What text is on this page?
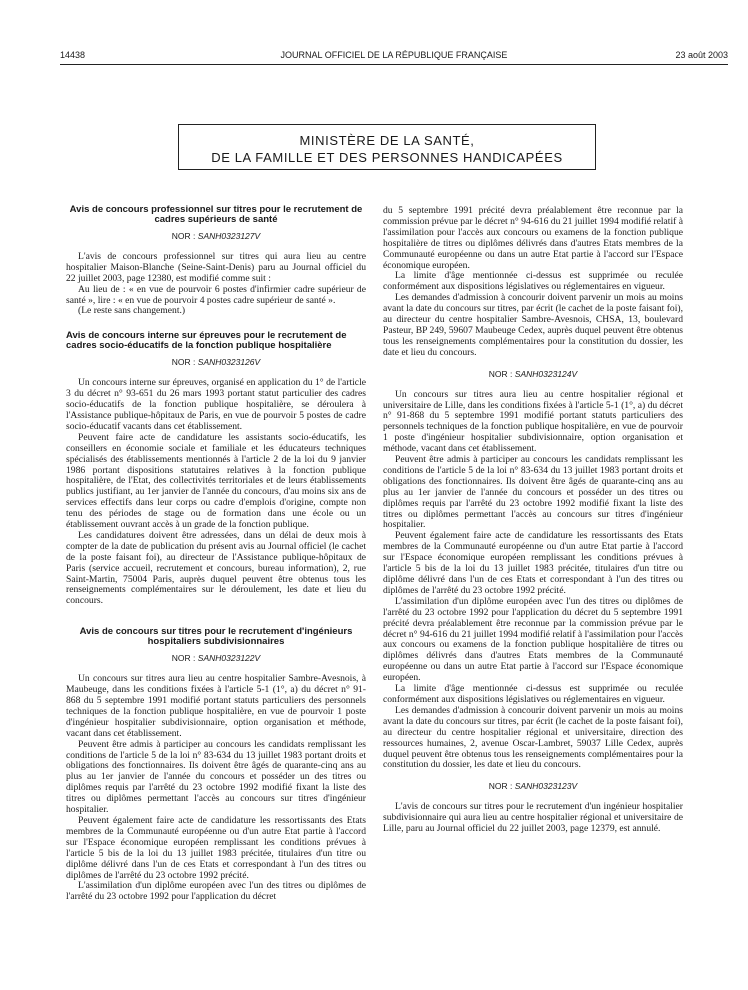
14438	JOURNAL OFFICIEL DE LA RÉPUBLIQUE FRANÇAISE	23 août 2003
MINISTÈRE DE LA SANTÉ,
DE LA FAMILLE ET DES PERSONNES HANDICAPÉES
Avis de concours professionnel sur titres pour le recrutement de cadres supérieurs de santé
NOR : SANH0323127V

L'avis de concours professionnel sur titres qui aura lieu au centre hospitalier Maison-Blanche (Seine-Saint-Denis) paru au Journal officiel du 22 juillet 2003, page 12380, est modifié comme suit :

Au lieu de : « en vue de pourvoir 6 postes d'infirmier cadre supérieur de santé », lire : « en vue de pourvoir 4 postes cadre supérieur de santé ».

(Le reste sans changement.)

Avis de concours interne sur épreuves pour le recrutement de cadres socio-éducatifs de la fonction publique hospitalière
NOR : SANH0323126V

Un concours interne sur épreuves, organisé en application du 1° de l'article 3 du décret n° 93-651 du 26 mars 1993 portant statut particulier des cadres socio-éducatifs de la fonction publique hospitalière, se déroulera à l'Assistance publique-hôpitaux de Paris, en vue de pourvoir 5 postes de cadre socio-éducatif vacants dans cet établissement.

Peuvent faire acte de candidature les assistants socio-éducatifs, les conseillers en économie sociale et familiale et les éducateurs techniques spécialisés des établissements mentionnés à l'article 2 de la loi du 9 janvier 1986 portant dispositions statutaires relatives à la fonction publique hospitalière, de l'Etat, des collectivités territoriales et de leurs établissements publics justifiant, au 1er janvier de l'année du concours, d'au moins six ans de services effectifs dans leur corps ou cadre d'emplois d'origine, compte non tenu des périodes de stage ou de formation dans une école ou un établissement ouvrant accès à un grade de la fonction publique.

Les candidatures doivent être adressées, dans un délai de deux mois à compter de la date de publication du présent avis au Journal officiel (le cachet de la poste faisant foi), au directeur de l'Assistance publique-hôpitaux de Paris (service accueil, recrutement et concours, bureau information), 2, rue Saint-Martin, 75004 Paris, auprès duquel peuvent être obtenus tous les renseignements complémentaires sur le déroulement, les date et lieu du concours.

Avis de concours sur titres pour le recrutement d'ingénieurs hospitaliers subdivisionnaires
NOR : SANH0323122V

Un concours sur titres aura lieu au centre hospitalier Sambre-Avesnois, à Maubeuge, dans les conditions fixées à l'article 5-1 (1°, a) du décret n° 91-868 du 5 septembre 1991 modifié portant statuts particuliers des personnels techniques de la fonction publique hospitalière, en vue de pourvoir 1 poste d'ingénieur hospitalier subdivisionnaire, option organisation et méthode, vacant dans cet établissement.

Peuvent être admis à participer au concours les candidats remplissant les conditions de l'article 5 de la loi n° 83-634 du 13 juillet 1983 portant droits et obligations des fonctionnaires. Ils doivent être âgés de quarante-cinq ans au plus au 1er janvier de l'année du concours et posséder un des titres ou diplômes requis par l'arrêté du 23 octobre 1992 modifié fixant la liste des titres ou diplômes permettant l'accès au concours sur titres d'ingénieur hospitalier.

Peuvent également faire acte de candidature les ressortissants des Etats membres de la Communauté européenne ou d'un autre Etat partie à l'accord sur l'Espace économique européen remplissant les conditions prévues à l'article 5 bis de la loi du 13 juillet 1983 précitée, titulaires d'un titre ou diplôme délivré dans l'un de ces Etats et correspondant à l'un des titres ou diplômes de l'arrêté du 23 octobre 1992 précité.

L'assimilation d'un diplôme européen avec l'un des titres ou diplômes de l'arrêté du 23 octobre 1992 pour l'application du décret

du 5 septembre 1991 précité devra préalablement être reconnue par la commission prévue par le décret n° 94-616 du 21 juillet 1994 modifié relatif à l'assimilation pour l'accès aux concours ou examens de la fonction publique hospitalière de titres ou diplômes délivrés dans d'autres Etats membres de la Communauté européenne ou dans un autre Etat partie à l'accord sur l'Espace économique européen.

La limite d'âge mentionnée ci-dessus est supprimée ou reculée conformément aux dispositions législatives ou réglementaires en vigueur.

Les demandes d'admission à concourir doivent parvenir un mois au moins avant la date du concours sur titres, par écrit (le cachet de la poste faisant foi), au directeur du centre hospitalier Sambre-Avesnois, CHSA, 13, boulevard Pasteur, BP 249, 59607 Maubeuge Cedex, auprès duquel peuvent être obtenus tous les renseignements complémentaires pour la constitution du dossier, les date et lieu du concours.

NOR : SANH0323124V

Un concours sur titres aura lieu au centre hospitalier régional et universitaire de Lille, dans les conditions fixées à l'article 5-1 (1°, a) du décret n° 91-868 du 5 septembre 1991 modifié portant statuts particuliers des personnels techniques de la fonction publique hospitalière, en vue de pourvoir 1 poste d'ingénieur hospitalier subdivisionnaire, option organisation et méthode, vacant dans cet établissement.

Peuvent être admis à participer au concours les candidats remplissant les conditions de l'article 5 de la loi n° 83-634 du 13 juillet 1983 portant droits et obligations des fonctionnaires. Ils doivent être âgés de quarante-cinq ans au plus au 1er janvier de l'année du concours et posséder un des titres ou diplômes requis par l'arrêté du 23 octobre 1992 modifié fixant la liste des titres ou diplômes permettant l'accès au concours sur titres d'ingénieur hospitalier.

Peuvent également faire acte de candidature les ressortissants des Etats membres de la Communauté européenne ou d'un autre Etat partie à l'accord sur l'Espace économique européen remplissant les conditions prévues à l'article 5 bis de la loi du 13 juillet 1983 précitée, titulaires d'un titre ou diplôme délivré dans l'un de ces Etats et correspondant à l'un des titres ou diplômes de l'arrêté du 23 octobre 1992 précité.

L'assimilation d'un diplôme européen avec l'un des titres ou diplômes de l'arrêté du 23 octobre 1992 pour l'application du décret du 5 septembre 1991 précité devra préalablement être reconnue par la commission prévue par le décret n° 94-616 du 21 juillet 1994 modifié relatif à l'assimilation pour l'accès aux concours ou examens de la fonction publique hospitalière de titres ou diplômes délivrés dans d'autres Etats membres de la Communauté européenne ou dans un autre Etat partie à l'accord sur l'Espace économique européen.

La limite d'âge mentionnée ci-dessus est supprimée ou reculée conformément aux dispositions législatives ou réglementaires en vigueur.

Les demandes d'admission à concourir doivent parvenir un mois au moins avant la date du concours sur titres, par écrit (le cachet de la poste faisant foi), au directeur du centre hospitalier régional et universitaire, direction des ressources humaines, 2, avenue Oscar-Lambret, 59037 Lille Cedex, auprès duquel peuvent être obtenus tous les renseignements complémentaires pour la constitution du dossier, les date et lieu du concours.

NOR : SANH0323123V

L'avis de concours sur titres pour le recrutement d'un ingénieur hospitalier subdivisionnaire qui aura lieu au centre hospitalier régional et universitaire de Lille, paru au Journal officiel du 22 juillet 2003, page 12379, est annulé.
